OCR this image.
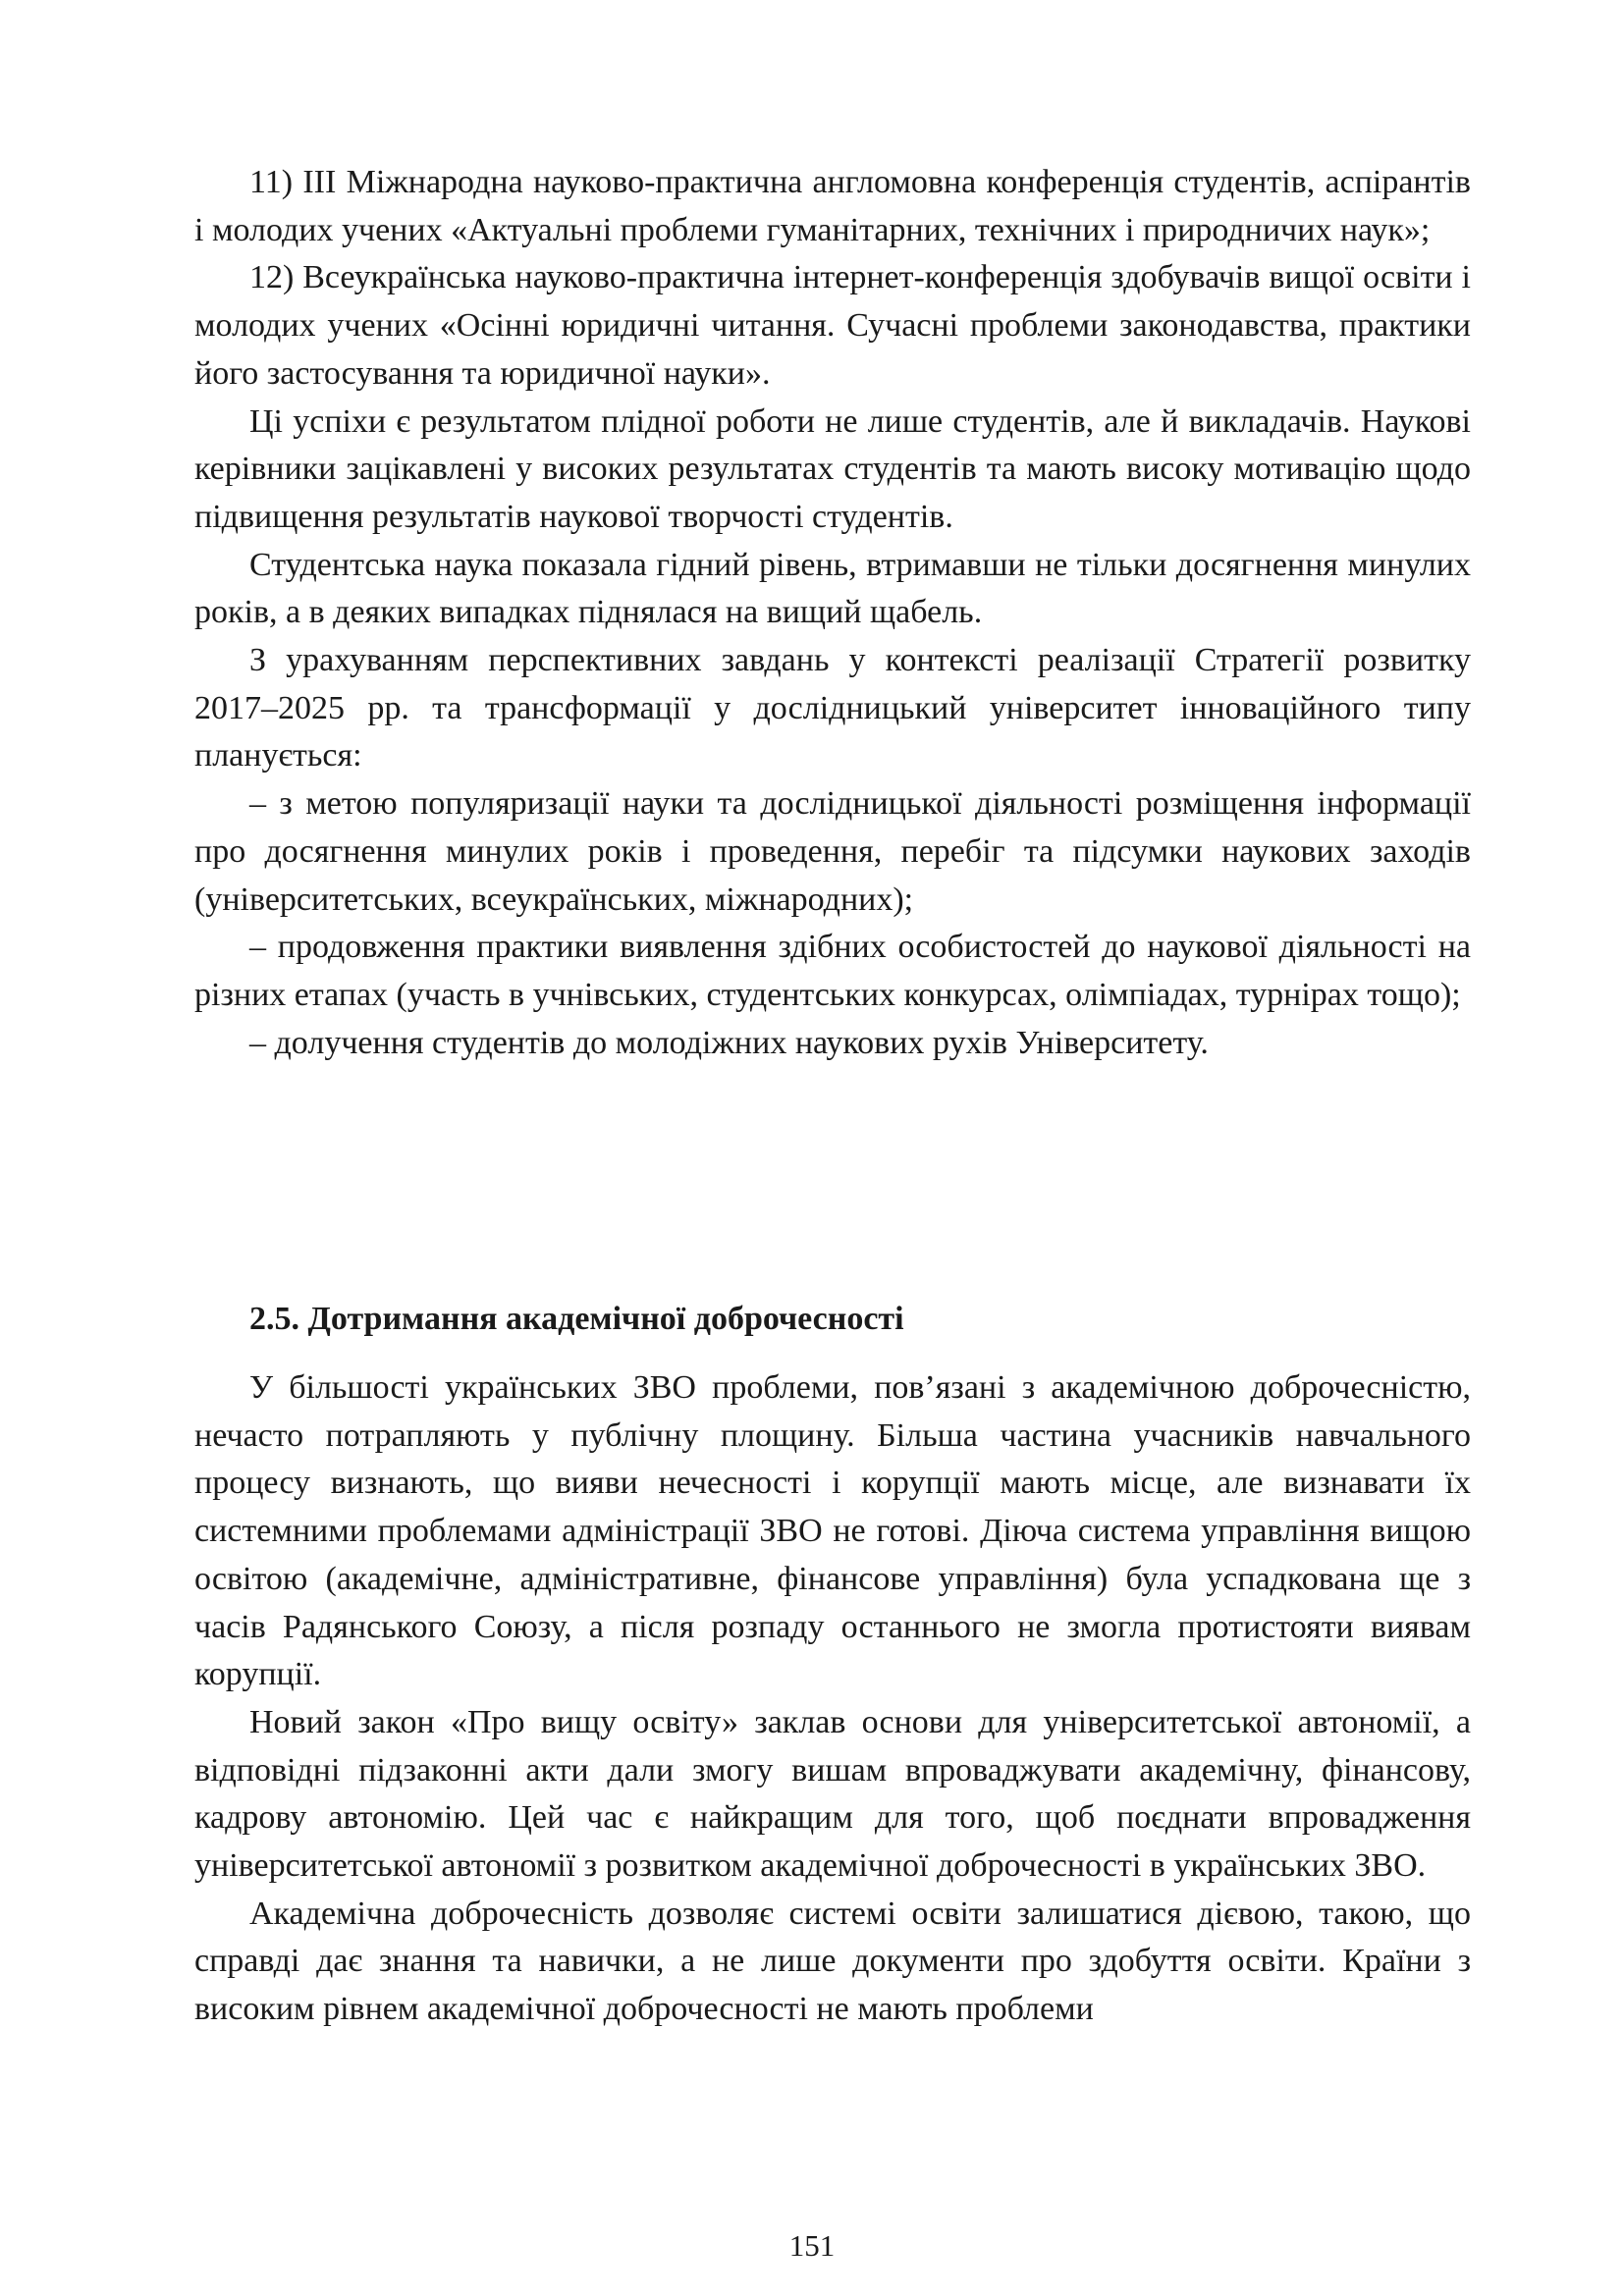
11) ІІІ Міжнародна науково-практична англомовна конференція студентів, аспірантів і молодих учених «Актуальні проблеми гуманітарних, технічних і природничих наук»;

12) Всеукраїнська науково-практична інтернет-конференція здобувачів вищої освіти і молодих учених «Осінні юридичні читання. Сучасні проблеми законодавства, практики його застосування та юридичної науки».

Ці успіхи є результатом плідної роботи не лише студентів, але й викладачів. Наукові керівники зацікавлені у високих результатах студентів та мають високу мотивацію щодо підвищення результатів наукової творчості студентів.

Студентська наука показала гідний рівень, втримавши не тільки досягнення минулих років, а в деяких випадках піднялася на вищий щабель.

З урахуванням перспективних завдань у контексті реалізації Стратегії розвитку 2017–2025 рр. та трансформації у дослідницький університет інноваційного типу планується:

– з метою популяризації науки та дослідницької діяльності розміщення інформації про досягнення минулих років і проведення, перебіг та підсумки наукових заходів (університетських, всеукраїнських, міжнародних);

– продовження практики виявлення здібних особистостей до наукової діяльності на різних етапах (участь в учнівських, студентських конкурсах, олімпіадах, турнірах тощо);

– долучення студентів до молодіжних наукових рухів Університету.

2.5. Дотримання академічної доброчесності

У більшості українських ЗВО проблеми, пов’язані з академічною доброчесністю, нечасто потрапляють у публічну площину. Більша частина учасників навчального процесу визнають, що вияви нечесності і корупції мають місце, але визнавати їх системними проблемами адміністрації ЗВО не готові. Діюча система управління вищою освітою (академічне, адміністративне, фінансове управління) була успадкована ще з часів Радянського Союзу, а після розпаду останнього не змогла протистояти виявам корупції.

Новий закон «Про вищу освіту» заклав основи для університетської автономії, а відповідні підзаконні акти дали змогу вишам впроваджувати академічну, фінансову, кадрову автономію. Цей час є найкращим для того, щоб поєднати впровадження університетської автономії з розвитком академічної доброчесності в українських ЗВО.

Академічна доброчесність дозволяє системі освіти залишатися дієвою, такою, що справді дає знання та навички, а не лише документи про здобуття освіти. Країни з високим рівнем академічної доброчесності не мають проблеми

151
